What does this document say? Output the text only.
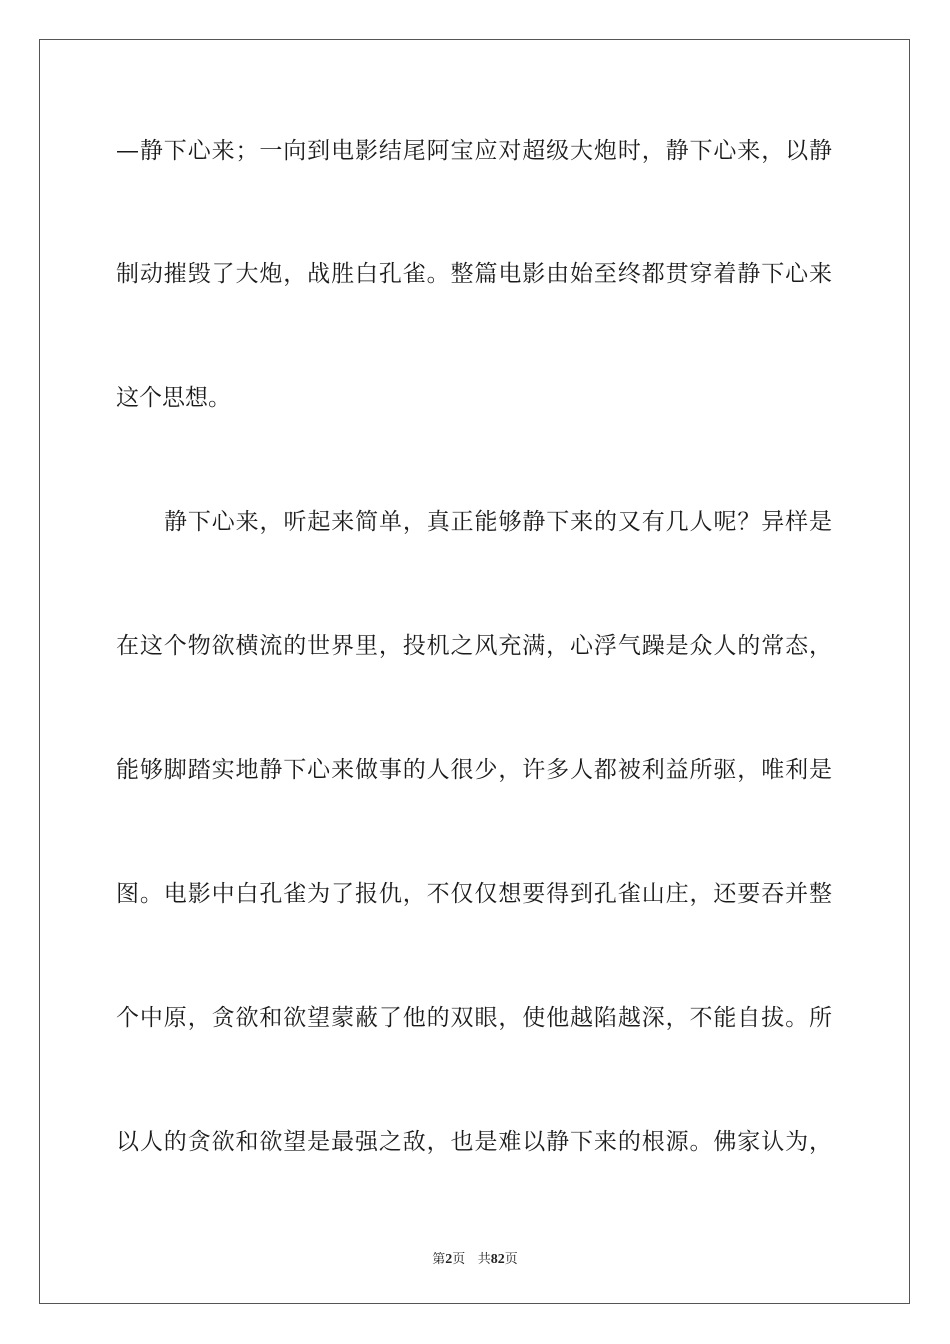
—静下心来；一向到电影结尾阿宝应对超级大炮时，静下心来，以静
制动摧毁了大炮，战胜白孔雀。整篇电影由始至终都贯穿着静下心来
这个思想。
静下心来，听起来简单，真正能够静下来的又有几人呢？异样是
在这个物欲横流的世界里，投机之风充满，心浮气躁是众人的常态，
能够脚踏实地静下心来做事的人很少，许多人都被利益所驱，唯利是
图。电影中白孔雀为了报仇，不仅仅想要得到孔雀山庄，还要吞并整
个中原，贪欲和欲望蒙蔽了他的双眼，使他越陷越深，不能自拔。所
以人的贪欲和欲望是最强之敌，也是难以静下来的根源。佛家认为，
第2页 共82页
